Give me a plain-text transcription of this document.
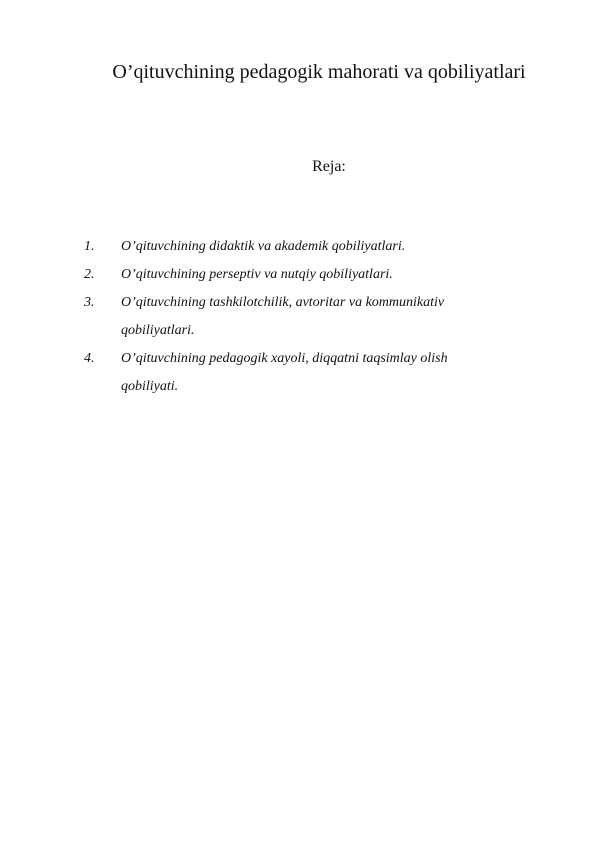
O’qituvchining pedagogik mahorati va qobiliyatlari
Reja:
1.	O’qituvchining didaktik va akademik qobiliyatlari.
2.	O’qituvchining perseptiv va nutqiy qobiliyatlari.
3.	O’qituvchining tashkilotchilik, avtoritar va kommunikativ qobiliyatlari.
4.	O’qituvchining pedagogik xayoli, diqqatni taqsimlay olish qobiliyati.
